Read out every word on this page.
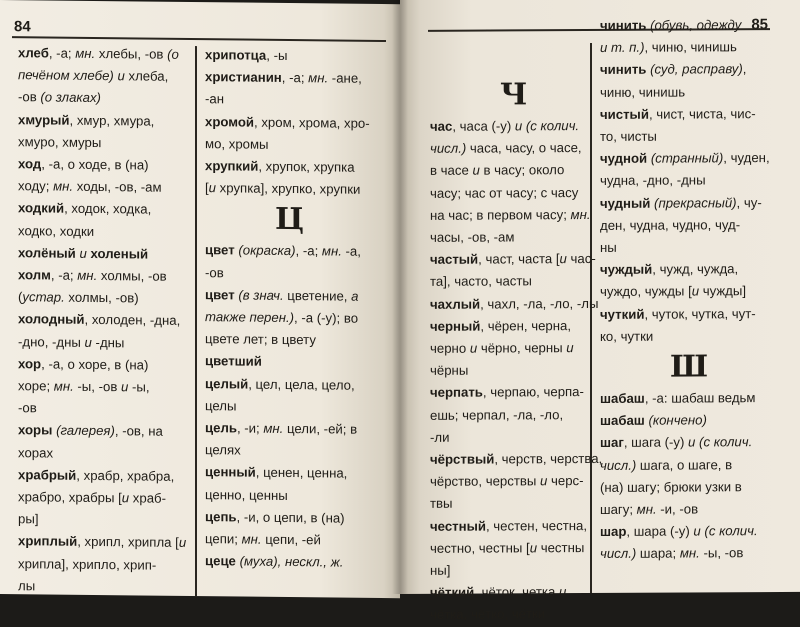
84
хлеб, -а; мн. хлебы, -ов (о
печёном хлебе) и хлеба,
-ов (о злаках)
хмурый, хмур, хмура,
хмуро, хмуры
ход, -а, о ходе, в (на)
ходу; мн. ходы, -ов, -ам
ходкий, ходок, ходка,
ходко, ходки
холёный и холеный
холм, -а; мн. холмы, -ов
(устар. холмы, -ов)
холодный, холоден, -дна,
-дно, -дны и -дны
хор, -а, о хоре, в (на)
хоре; мн. -ы, -ов и -ы,
-ов
хоры (галерея), -ов, на
хорах
храбрый, храбр, храбра,
храбро, храбры [и храб-
ры]
хриплый, хрипл, хрипла [и
хрипла], хрипло, хрип-
лы
хрипотца, -ы
христианин, -а; мн. -ане,
-ан
хромой, хром, хрома, хро-
мо, хромы
хрупкий, хрупок, хрупка
[и хрупка], хрупко, хрупки
Ц
цвет (окраска), -а; мн. -а,
-ов
цвет (в знач. цветение, а
также перен.), -а (-у); во
цвете лет; в цвету
цветший
целый, цел, цела, цело,
целы
цель, -и; мн. цели, -ей; в
целях
ценный, ценен, ценна,
ценно, ценны
цепь, -и, о цепи, в (на)
цепи; мн. цепи, -ей
цеце (муха), нескл., ж.
85
Ч
час, часа (-у) и (с колич.
числ.) часа, часу, о часе,
в часе и в часу; около
часу; час от часу; с часу
на час; в первом часу; мн.
часы, -ов, -ам
частый, част, часта [и час-
та], часто, часты
чахлый, чахл, -ла, -ло, -лы
черный, чёрен, черна,
черно и чёрно, черны и
чёрны
черпать, черпаю, черпа-
ешь; черпал, -ла, -ло,
-ли
чёрствый, черств, черства,
чёрство, черствы и черс-
твы
честный, честен, честна,
честно, честны [и честны
ны]
чёткий, чёток, четка и
чётка, чётко, чётки
чинить (обувь, одежду
и т. п.), чиню, чинишь
чинить (суд, расправу),
чиню, чинишь
чистый, чист, чиста, чис-
то, чисты
чудной (странный), чуден,
чудна, -дно, -дны
чудный (прекрасный), чу-
ден, чудна, чудно, чуд-
ны
чуждый, чужд, чужда,
чуждо, чужды [и чужды]
чуткий, чуток, чутка, чут-
ко, чутки
Ш
шабаш, -а: шабаш ведьм
шабаш (кончено)
шаг, шага (-у) и (с колич.
числ.) шага, о шаге, в
(на) шагу; брюки узки в
шагу; мн. -и, -ов
шар, шара (-у) и (с колич.
числ.) шара; мн. -ы, -ов
